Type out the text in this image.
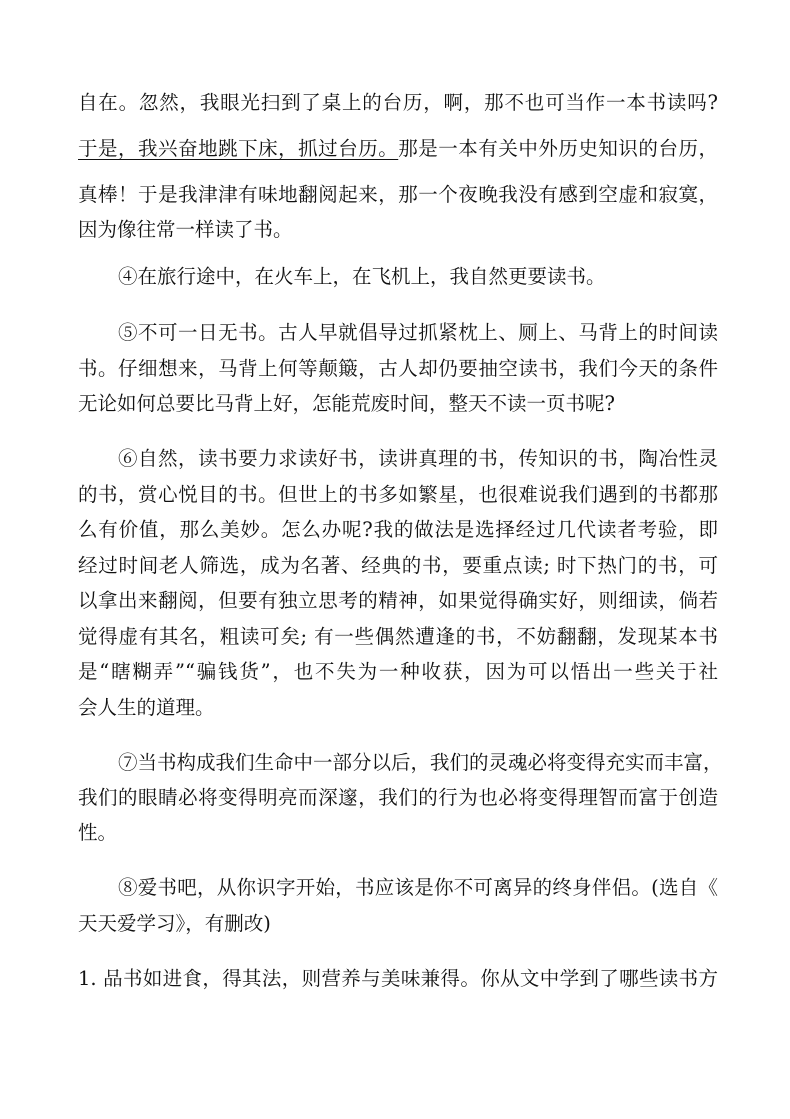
自在。忽然，我眼光扫到了桌上的台历，啊，那不也可当作一本书读吗?
于是，我兴奋地跳下床，抓过台历。那是一本有关中外历史知识的台历，
真棒！于是我津津有味地翻阅起来，那一个夜晚我没有感到空虚和寂寞，
因为像往常一样读了书。
④在旅行途中，在火车上，在飞机上，我自然更要读书。
⑤不可一日无书。古人早就倡导过抓紧枕上、厕上、马背上的时间读
书。仔细想来，马背上何等颠簸，古人却仍要抽空读书，我们今天的条件
无论如何总要比马背上好，怎能荒废时间，整天不读一页书呢?
⑥自然，读书要力求读好书，读讲真理的书，传知识的书，陶冶性灵
的书，赏心悦目的书。但世上的书多如繁星，也很难说我们遇到的书都那
么有价值，那么美妙。怎么办呢?我的做法是选择经过几代读者考验，即
经过时间老人筛选，成为名著、经典的书，要重点读; 时下热门的书，可
以拿出来翻阅，但要有独立思考的精神，如果觉得确实好，则细读，倘若
觉得虚有其名，粗读可矣; 有一些偶然遭逢的书，不妨翻翻，发现某本书
是“瞎糊弄”“骗钱货”，也不失为一种收获，因为可以悟出一些关于社
会人生的道理。
⑦当书构成我们生命中一部分以后，我们的灵魂必将变得充实而丰富，
我们的眼睛必将变得明亮而深邃，我们的行为也必将变得理智而富于创造
性。
⑧爱书吧，从你识字开始，书应该是你不可离异的终身伴侣。(选自《
天天爱学习》，有删改)
1. 品书如进食，得其法，则营养与美味兼得。你从文中学到了哪些读书方
